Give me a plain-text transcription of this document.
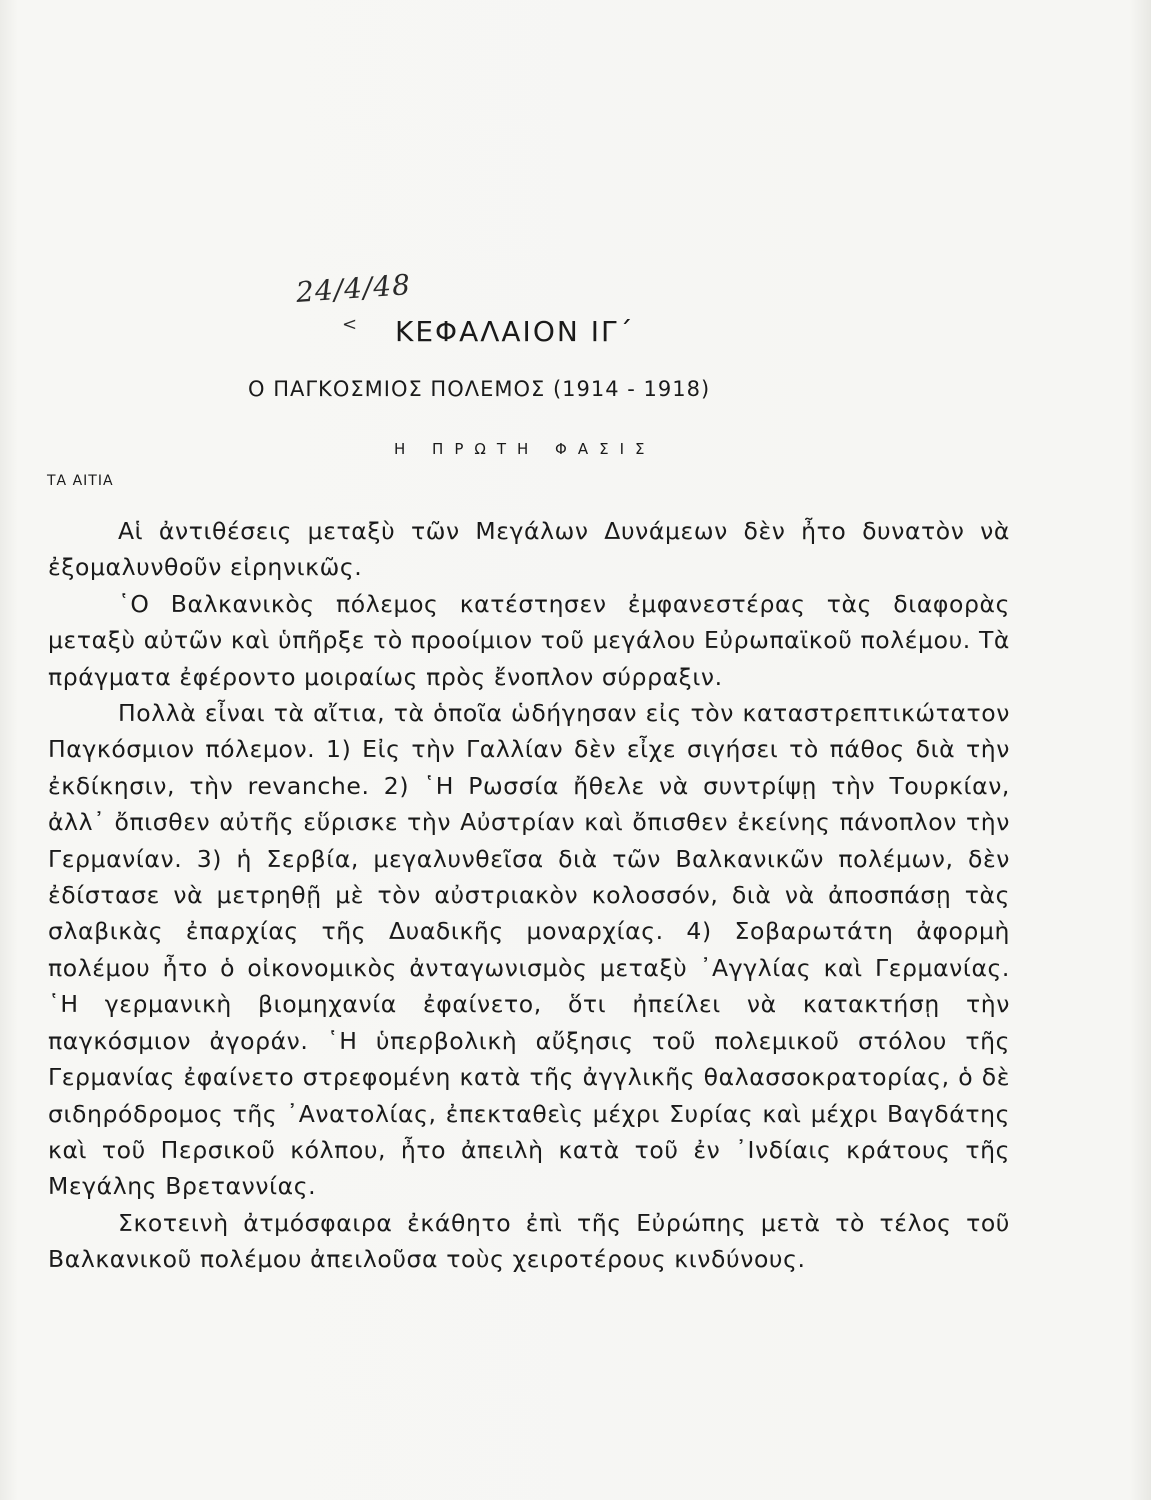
24/4/48
< ΚΕΦΑΛΑΙΟΝ ΙΓ΄
Ο ΠΑΓΚΟΣΜΙΟΣ ΠΟΛΕΜΟΣ (1914 - 1918)
Η ΠΡΩΤΗ ΦΑΣΙΣ
ΤΑ ΑΙΤΙΑ

Αἱ ἀντιθέσεις μεταξὺ τῶν Μεγάλων Δυνάμεων δὲν ἦτο δυνατὸν νὰ ἐξομαλυνθοῦν εἰρηνικῶς.

῾Ο Βαλκανικὸς πόλεμος κατέστησεν ἐμφανεστέρας τὰς διαφορὰς μεταξὺ αὐτῶν καὶ ὑπῆρξε τὸ προοίμιον τοῦ μεγάλου Εὐρωπαϊκοῦ πολέμου. Τὰ πράγματα ἐφέροντο μοιραίως πρὸς ἔνοπλον σύρραξιν.

Πολλὰ εἶναι τὰ αἴτια, τὰ ὁποῖα ὡδήγησαν εἰς τὸν καταστρεπτικώτατον Παγκόσμιον πόλεμον. 1) Εἰς τὴν Γαλλίαν δὲν εἶχε σιγήσει τὸ πάθος διὰ τὴν ἐκδίκησιν, τὴν revanche. 2) ῾Η Ρωσσία ἤθελε νὰ συντρίψῃ τὴν Τουρκίαν, ἀλλ᾿ ὄπισθεν αὐτῆς εὕρισκε τὴν Αὐστρίαν καὶ ὄπισθεν ἐκείνης πάνοπλον τὴν Γερμανίαν. 3) ἡ Σερβία, μεγαλυνθεῖσα διὰ τῶν Βαλκανικῶν πολέμων, δὲν ἐδίστασε νὰ μετρηθῇ μὲ τὸν αὐστριακὸν κολοσσόν, διὰ νὰ ἀποσπάσῃ τὰς σλαβικὰς ἐπαρχίας τῆς Δυαδικῆς μοναρχίας. 4) Σοβαρωτάτη ἀφορμὴ πολέμου ἦτο ὁ οἰκονομικὸς ἀνταγωνισμὸς μεταξὺ ᾿Αγγλίας καὶ Γερμανίας. ῾Η γερμανικὴ βιομηχανία ἐφαίνετο, ὅτι ἠπείλει νὰ κατακτήσῃ τὴν παγκόσμιον ἀγοράν. ῾Η ὑπερβολικὴ αὔξησις τοῦ πολεμικοῦ στόλου τῆς Γερμανίας ἐφαίνετο στρεφομένη κατὰ τῆς ἀγγλικῆς θαλασσοκρατορίας, ὁ δὲ σιδηρόδρομος τῆς ᾿Ανατολίας, ἐπεκταθεὶς μέχρι Συρίας καὶ μέχρι Βαγδάτης καὶ τοῦ Περσικοῦ κόλπου, ἦτο ἀπειλὴ κατὰ τοῦ ἐν ᾿Ινδίαις κράτους τῆς Μεγάλης Βρεταννίας.

Σκοτεινὴ ἀτμόσφαιρα ἐκάθητο ἐπὶ τῆς Εὐρώπης μετὰ τὸ τέλος τοῦ Βαλκανικοῦ πολέμου ἀπειλοῦσα τοὺς χειροτέρους κινδύνους.
